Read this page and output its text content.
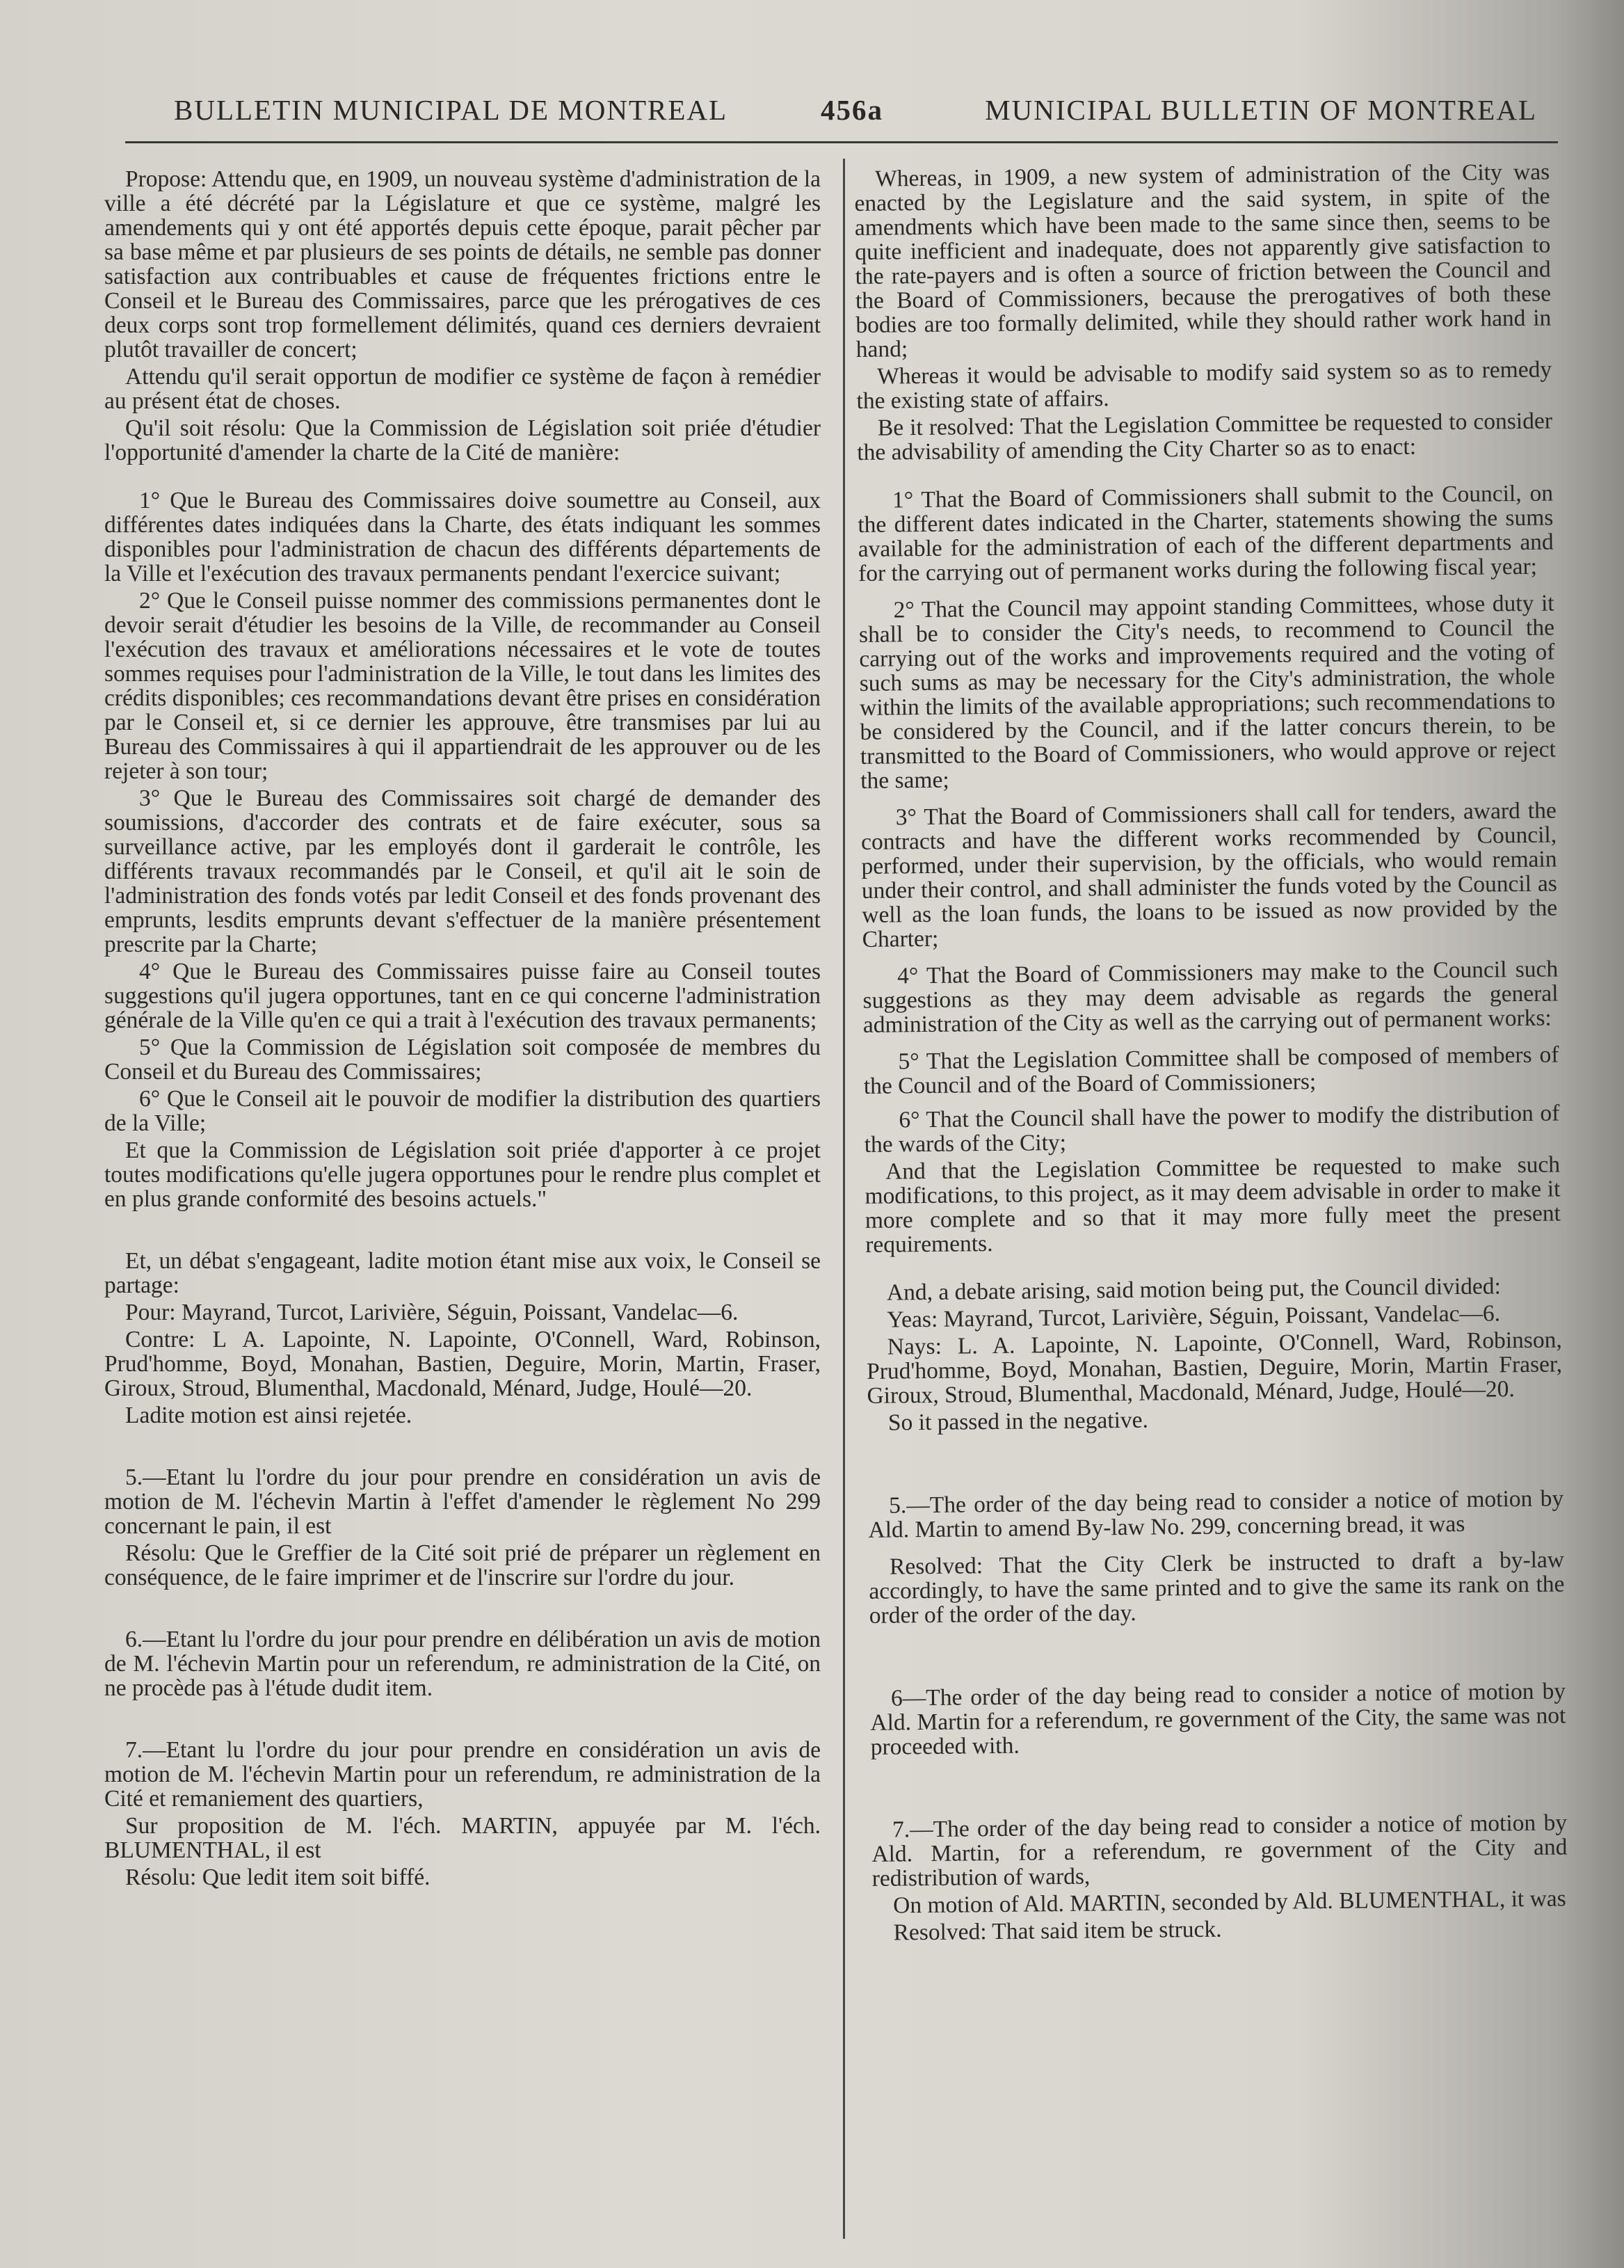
BULLETIN MUNICIPAL DE MONTREAL	456a	MUNICIPAL BULLETIN OF MONTREAL

Propose: Attendu que, en 1909, un nouveau système d'administration de la ville a été décrété par la Législature et que ce système, malgré les amendements qui y ont été apportés depuis cette époque, parait pêcher par sa base même et par plusieurs de ses points de détails, ne semble pas donner satisfaction aux contribuables et cause de fréquentes frictions entre le Conseil et le Bureau des Commissaires, parce que les prérogatives de ces deux corps sont trop formellement délimités, quand ces derniers devraient plutôt travailler de concert;

Attendu qu'il serait opportun de modifier ce système de façon à remédier au présent état de choses.

Qu'il soit résolu: Que la Commission de Législation soit priée d'étudier l'opportunité d'amender la charte de la Cité de manière:

1° Que le Bureau des Commissaires doive soumettre au Conseil, aux différentes dates indiquées dans la Charte, des états indiquant les sommes disponibles pour l'administration de chacun des différents départements de la Ville et l'exécution des travaux permanents pendant l'exercice suivant;

2° Que le Conseil puisse nommer des commissions permanentes dont le devoir serait d'étudier les besoins de la Ville, de recommander au Conseil l'exécution des travaux et améliorations nécessaires et le vote de toutes sommes requises pour l'administration de la Ville, le tout dans les limites des crédits disponibles; ces recommandations devant être prises en considération par le Conseil et, si ce dernier les approuve, être transmises par lui au Bureau des Commissaires à qui il appartiendrait de les approuver ou de les rejeter à son tour;

3° Que le Bureau des Commissaires soit chargé de demander des soumissions, d'accorder des contrats et de faire exécuter, sous sa surveillance active, par les employés dont il garderait le contrôle, les différents travaux recommandés par le Conseil, et qu'il ait le soin de l'administration des fonds votés par ledit Conseil et des fonds provenant des emprunts, lesdits emprunts devant s'effectuer de la manière présentement prescrite par la Charte;

4° Que le Bureau des Commissaires puisse faire au Conseil toutes suggestions qu'il jugera opportunes, tant en ce qui concerne l'administration générale de la Ville qu'en ce qui a trait à l'exécution des travaux permanents;

5° Que la Commission de Législation soit composée de membres du Conseil et du Bureau des Commissaires;

6° Que le Conseil ait le pouvoir de modifier la distribution des quartiers de la Ville;

Et que la Commission de Législation soit priée d'apporter à ce projet toutes modifications qu'elle jugera opportunes pour le rendre plus complet et en plus grande conformité des besoins actuels."

Et, un débat s'engageant, ladite motion étant mise aux voix, le Conseil se partage:

Pour: Mayrand, Turcot, Larivière, Séguin, Poissant, Vandelac—6.

Contre: L A. Lapointe, N. Lapointe, O'Connell, Ward, Robinson, Prud'homme, Boyd, Monahan, Bastien, Deguire, Morin, Martin, Fraser, Giroux, Stroud, Blumenthal, Macdonald, Ménard, Judge, Houlé—20.

Ladite motion est ainsi rejetée.

5.—Etant lu l'ordre du jour pour prendre en considération un avis de motion de M. l'échevin Martin à l'effet d'amender le règlement No 299 concernant le pain, il est

Résolu: Que le Greffier de la Cité soit prié de préparer un règlement en conséquence, de le faire imprimer et de l'inscrire sur l'ordre du jour.

6.—Etant lu l'ordre du jour pour prendre en délibération un avis de motion de M. l'échevin Martin pour un referendum, re administration de la Cité, on ne procède pas à l'étude dudit item.

7.—Etant lu l'ordre du jour pour prendre en considération un avis de motion de M. l'échevin Martin pour un referendum, re administration de la Cité et remaniement des quartiers,

Sur proposition de M. l'éch. MARTIN, appuyée par M. l'éch. BLUMENTHAL, il est

Résolu: Que ledit item soit biffé.

Whereas, in 1909, a new system of administration of the City was enacted by the Legislature and the said system, in spite of the amendments which have been made to the same since then, seems to be quite inefficient and inadequate, does not apparently give satisfaction to the rate-payers and is often a source of friction between the Council and the Board of Commissioners, because the prerogatives of both these bodies are too formally delimited, while they should rather work hand in hand;

Whereas it would be advisable to modify said system so as to remedy the existing state of affairs.

Be it resolved: That the Legislation Committee be requested to consider the advisability of amending the City Charter so as to enact:

1° That the Board of Commissioners shall submit to the Council, on the different dates indicated in the Charter, statements showing the sums available for the administration of each of the different departments and for the carrying out of permanent works during the following fiscal year;

2° That the Council may appoint standing Committees, whose duty it shall be to consider the City's needs, to recommend to Council the carrying out of the works and improvements required and the voting of such sums as may be necessary for the City's administration, the whole within the limits of the available appropriations; such recommendations to be considered by the Council, and if the latter concurs therein, to be transmitted to the Board of Commissioners, who would approve or reject the same;

3° That the Board of Commissioners shall call for tenders, award the contracts and have the different works recommended by Council, performed, under their supervision, by the officials, who would remain under their control, and shall administer the funds voted by the Council as well as the loan funds, the loans to be issued as now provided by the Charter;

4° That the Board of Commissioners may make to the Council such suggestions as they may deem advisable as regards the general administration of the City as well as the carrying out of permanent works:

5° That the Legislation Committee shall be composed of members of the Council and of the Board of Commissioners;

6° That the Council shall have the power to modify the distribution of the wards of the City;

And that the Legislation Committee be requested to make such modifications, to this project, as it may deem advisable in order to make it more complete and so that it may more fully meet the present requirements.

And, a debate arising, said motion being put, the Council divided:

Yeas: Mayrand, Turcot, Larivière, Séguin, Poissant, Vandelac—6.

Nays: L. A. Lapointe, N. Lapointe, O'Connell, Ward, Robinson, Prud'homme, Boyd, Monahan, Bastien, Deguire, Morin, Martin Fraser, Giroux, Stroud, Blumenthal, Macdonald, Ménard, Judge, Houlé—20.

So it passed in the negative.

5.—The order of the day being read to consider a notice of motion by Ald. Martin to amend By-law No. 299, concerning bread, it was

Resolved: That the City Clerk be instructed to draft a by-law accordingly, to have the same printed and to give the same its rank on the order of the order of the day.

6—The order of the day being read to consider a notice of motion by Ald. Martin for a referendum, re government of the City, the same was not proceeded with.

7.—The order of the day being read to consider a notice of motion by Ald. Martin, for a referendum, re government of the City and redistribution of wards,

On motion of Ald. MARTIN, seconded by Ald. BLUMENTHAL, it was

Resolved: That said item be struck.
